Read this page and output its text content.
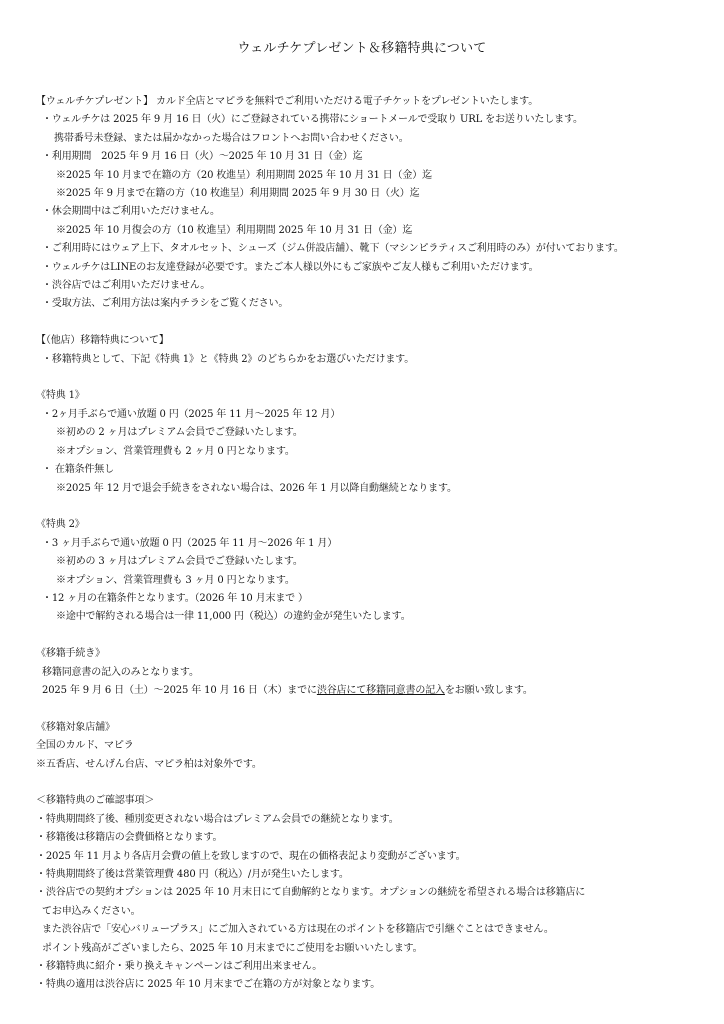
ウェルチケプレゼント＆移籍特典について
【ウェルチケプレゼント】 カルド全店とマピラを無料でご利用いただける電子チケットをプレゼントいたします。
・ウェルチケは 2025 年 9 月 16 日（火）にご登録されている携帯にショートメールで受取り URL をお送りいたします。
携帯番号未登録、または届かなかった場合はフロントへお問い合わせください。
・利用期間　2025 年 9 月 16 日（火）～2025 年 10 月 31 日（金）迄
※2025 年 10 月まで在籍の方（20 枚進呈）利用期間 2025 年 10 月 31 日（金）迄
※2025 年 9 月まで在籍の方（10 枚進呈）利用期間 2025 年 9 月 30 日（火）迄
・休会期間中はご利用いただけません。
※2025 年 10 月復会の方（10 枚進呈）利用期間 2025 年 10 月 31 日（金）迄
・ご利用時にはウェア上下、タオルセット、シューズ（ジム併設店舗）、靴下（マシンピラティスご利用時のみ）が付いております。
・ウェルチケはLINEのお友達登録が必要です。またご本人様以外にもご家族やご友人様もご利用いただけます。
・渋谷店ではご利用いただけません。
・受取方法、ご利用方法は案内チラシをご覧ください。
【（他店）移籍特典について】
・移籍特典として、下記《特典 1》と《特典 2》のどちらかをお選びいただけます。
《特典 1》
・2ヶ月手ぶらで通い放題 0 円（2025 年 11 月～2025 年 12 月）
※初めの 2 ヶ月はプレミアム会員でご登録いたします。
※オプション、営業管理費も 2 ヶ月 0 円となります。
・ 在籍条件無し
※2025 年 12 月で退会手続きをされない場合は、2026 年 1 月以降自動継続となります。
《特典 2》
・3 ヶ月手ぶらで通い放題 0 円（2025 年 11 月～2026 年 1 月）
※初めの 3 ヶ月はプレミアム会員でご登録いたします。
※オプション、営業管理費も 3 ヶ月 0 円となります。
・12 ヶ月の在籍条件となります。（2026 年 10 月末まで ）
※途中で解約される場合は一律 11,000 円（税込）の違約金が発生いたします。
《移籍手続き》
移籍同意書の記入のみとなります。
2025 年 9 月 6 日（土）～2025 年 10 月 16 日（木）までに渋谷店にて移籍同意書の記入をお願い致します。
《移籍対象店舗》
全国のカルド、マピラ
※五香店、せんげん台店、マピラ柏は対象外です。
＜移籍特典のご確認事項＞
・特典期間終了後、種別変更されない場合はプレミアム会員での継続となります。
・移籍後は移籍店の会費価格となります。
・2025 年 11 月より各店月会費の値上を致しますので、現在の価格表記より変動がございます。
・特典期間終了後は営業管理費 480 円（税込）/月が発生いたします。
・渋谷店での契約オプションは 2025 年 10 月末日にて自動解約となります。オプションの継続を希望される場合は移籍店に
てお申込みください。
また渋谷店で「安心バリュープラス」にご加入されている方は現在のポイントを移籍店で引継ぐことはできません。
ポイント残高がございましたら、2025 年 10 月末までにご使用をお願いいたします。
・移籍特典に紹介・乗り換えキャンペーンはご利用出来ません。
・特典の適用は渋谷店に 2025 年 10 月末までご在籍の方が対象となります。
